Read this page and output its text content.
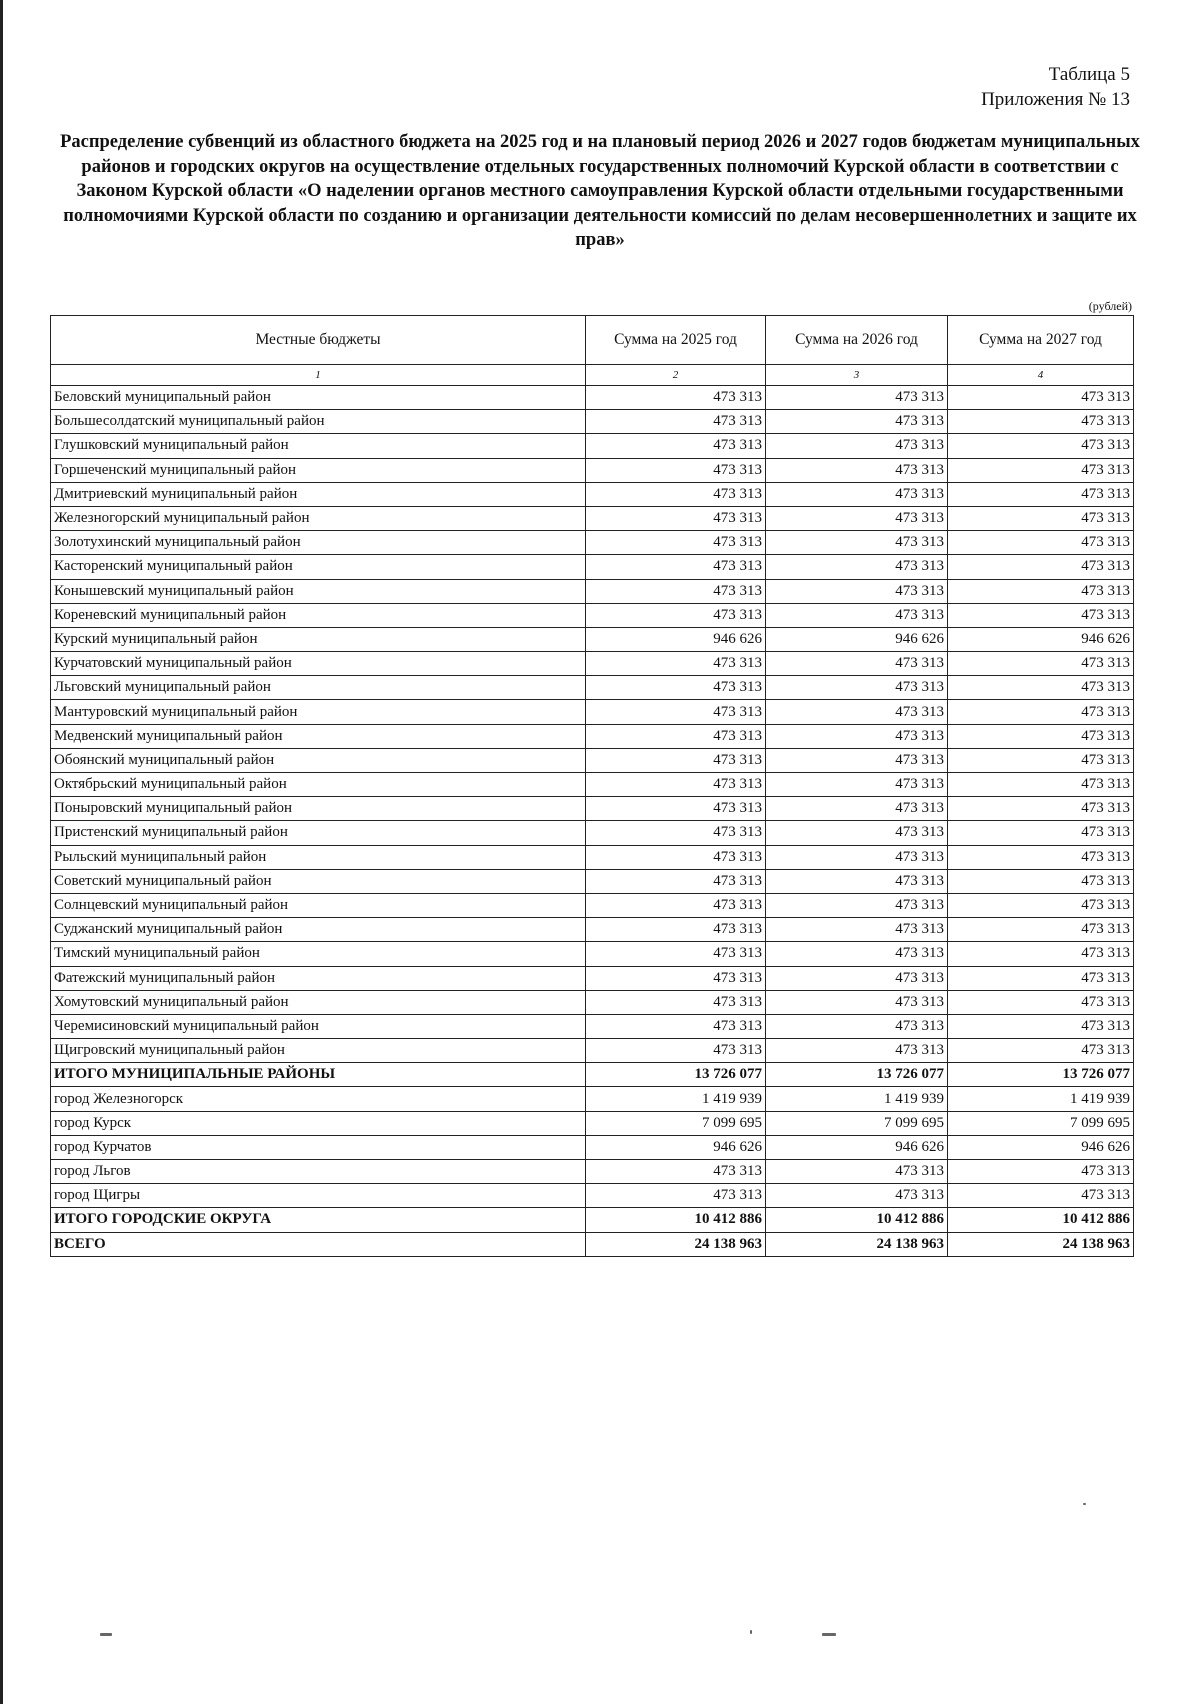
Таблица 5
Приложения № 13
Распределение субвенций из областного бюджета на 2025 год и на плановый период 2026 и 2027 годов бюджетам муниципальных районов и городских округов на осуществление отдельных государственных полномочий Курской области в соответствии с Законом Курской области «О наделении органов местного самоуправления Курской области отдельными государственными полномочиями Курской области по созданию и организации деятельности комиссий по делам несовершеннолетних и защите их прав»
(рублей)
Местные бюджеты	Сумма на 2025 год	Сумма на 2026 год	Сумма на 2027 год
1	2	3	4
Беловский муниципальный район	473 313	473 313	473 313
Большесолдатский муниципальный район	473 313	473 313	473 313
Глушковский муниципальный район	473 313	473 313	473 313
Горшеченский муниципальный район	473 313	473 313	473 313
Дмитриевский муниципальный район	473 313	473 313	473 313
Железногорский муниципальный район	473 313	473 313	473 313
Золотухинский муниципальный район	473 313	473 313	473 313
Касторенский муниципальный район	473 313	473 313	473 313
Конышевский муниципальный район	473 313	473 313	473 313
Кореневский муниципальный район	473 313	473 313	473 313
Курский муниципальный район	946 626	946 626	946 626
Курчатовский муниципальный район	473 313	473 313	473 313
Льговский муниципальный район	473 313	473 313	473 313
Мантуровский муниципальный район	473 313	473 313	473 313
Медвенский муниципальный район	473 313	473 313	473 313
Обоянский муниципальный район	473 313	473 313	473 313
Октябрьский муниципальный район	473 313	473 313	473 313
Поныровский муниципальный район	473 313	473 313	473 313
Пристенский муниципальный район	473 313	473 313	473 313
Рыльский муниципальный район	473 313	473 313	473 313
Советский муниципальный район	473 313	473 313	473 313
Солнцевский муниципальный район	473 313	473 313	473 313
Суджанский муниципальный район	473 313	473 313	473 313
Тимский муниципальный район	473 313	473 313	473 313
Фатежский муниципальный район	473 313	473 313	473 313
Хомутовский муниципальный район	473 313	473 313	473 313
Черемисиновский муниципальный район	473 313	473 313	473 313
Щигровский муниципальный район	473 313	473 313	473 313
ИТОГО МУНИЦИПАЛЬНЫЕ РАЙОНЫ	13 726 077	13 726 077	13 726 077
город Железногорск	1 419 939	1 419 939	1 419 939
город Курск	7 099 695	7 099 695	7 099 695
город Курчатов	946 626	946 626	946 626
город Льгов	473 313	473 313	473 313
город Щигры	473 313	473 313	473 313
ИТОГО ГОРОДСКИЕ ОКРУГА	10 412 886	10 412 886	10 412 886
ВСЕГО	24 138 963	24 138 963	24 138 963
